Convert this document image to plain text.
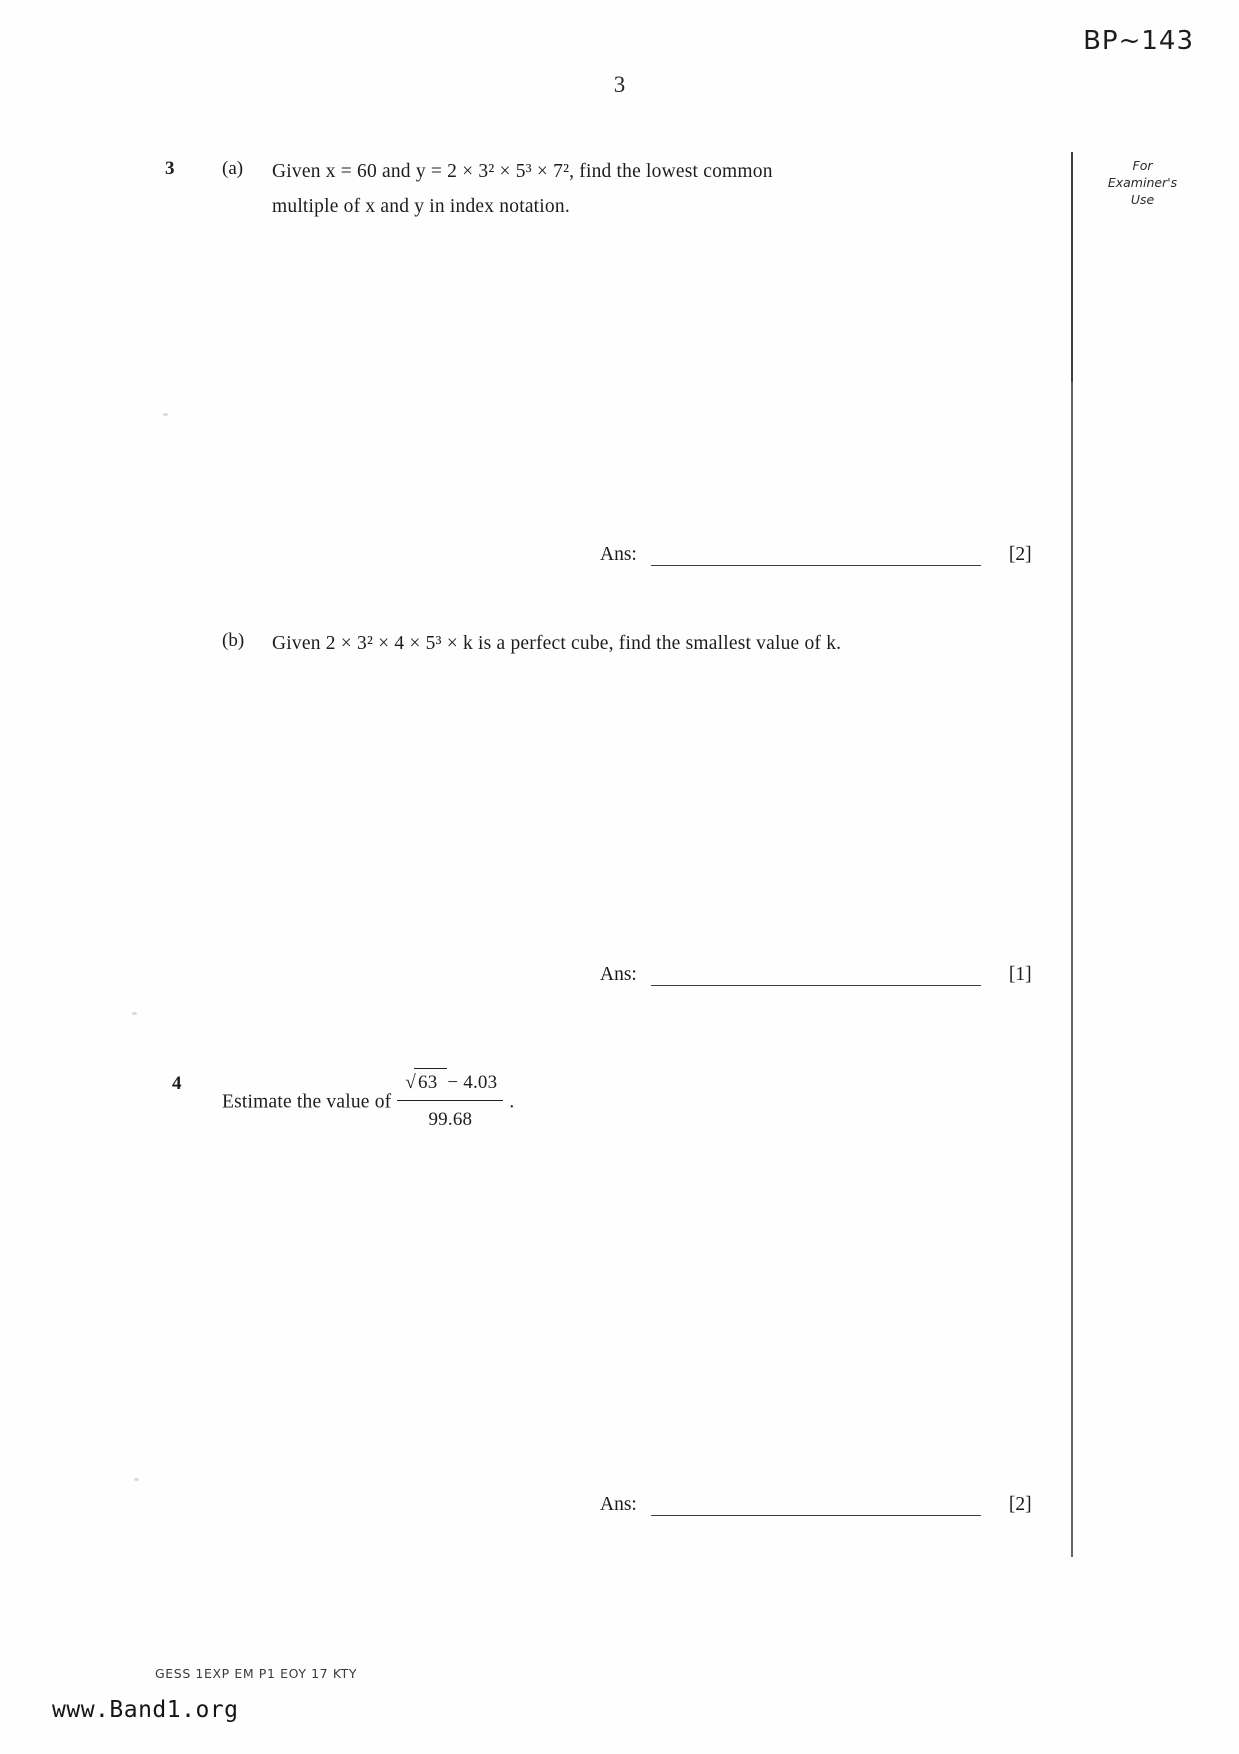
BP~143
3
For
Examiner's
Use
3	(a) Given x = 60 and y = 2 × 3² × 5³ × 7², find the lowest common
multiple of x and y in index notation.
Ans:	[2]
(b) Given 2 × 3² × 4 × 5³ × k is a perfect cube, find the smallest value of k.
Ans:	[1]
4
Estimate the value of $\frac{√ 63 - 4.03}{99.68}$ .
Ans:	[2]
GESS 1EXP EM P1 EOY 17 KTY
www.Band1.org
